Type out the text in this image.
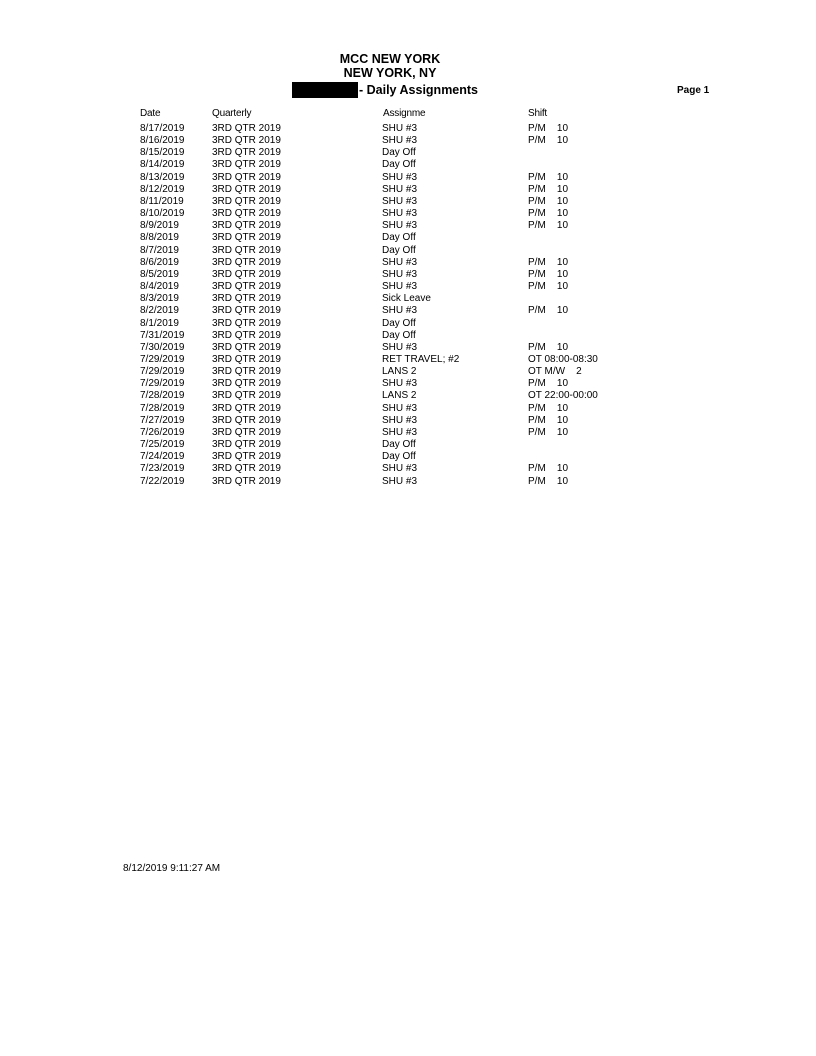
MCC NEW YORK
NEW YORK, NY
- Daily Assignments	Page 1
Date	Quarterly	Assignme	Shift
8/17/2019	3RD QTR 2019	SHU #3	P/M    10
8/16/2019	3RD QTR 2019	SHU #3	P/M    10
8/15/2019	3RD QTR 2019	Day Off
8/14/2019	3RD QTR 2019	Day Off
8/13/2019	3RD QTR 2019	SHU #3	P/M    10
8/12/2019	3RD QTR 2019	SHU #3	P/M    10
8/11/2019	3RD QTR 2019	SHU #3	P/M    10
8/10/2019	3RD QTR 2019	SHU #3	P/M    10
8/9/2019	3RD QTR 2019	SHU #3	P/M    10
8/8/2019	3RD QTR 2019	Day Off
8/7/2019	3RD QTR 2019	Day Off
8/6/2019	3RD QTR 2019	SHU #3	P/M    10
8/5/2019	3RD QTR 2019	SHU #3	P/M    10
8/4/2019	3RD QTR 2019	SHU #3	P/M    10
8/3/2019	3RD QTR 2019	Sick Leave
8/2/2019	3RD QTR 2019	SHU #3	P/M    10
8/1/2019	3RD QTR 2019	Day Off
7/31/2019	3RD QTR 2019	Day Off
7/30/2019	3RD QTR 2019	SHU #3	P/M    10
7/29/2019	3RD QTR 2019	RET TRAVEL; #2	OT 08:00-08:30
7/29/2019	3RD QTR 2019	LANS 2	OT M/W    2
7/29/2019	3RD QTR 2019	SHU #3	P/M    10
7/28/2019	3RD QTR 2019	LANS 2	OT 22:00-00:00
7/28/2019	3RD QTR 2019	SHU #3	P/M    10
7/27/2019	3RD QTR 2019	SHU #3	P/M    10
7/26/2019	3RD QTR 2019	SHU #3	P/M    10
7/25/2019	3RD QTR 2019	Day Off
7/24/2019	3RD QTR 2019	Day Off
7/23/2019	3RD QTR 2019	SHU #3	P/M    10
7/22/2019	3RD QTR 2019	SHU #3	P/M    10
8/12/2019 9:11:27 AM
